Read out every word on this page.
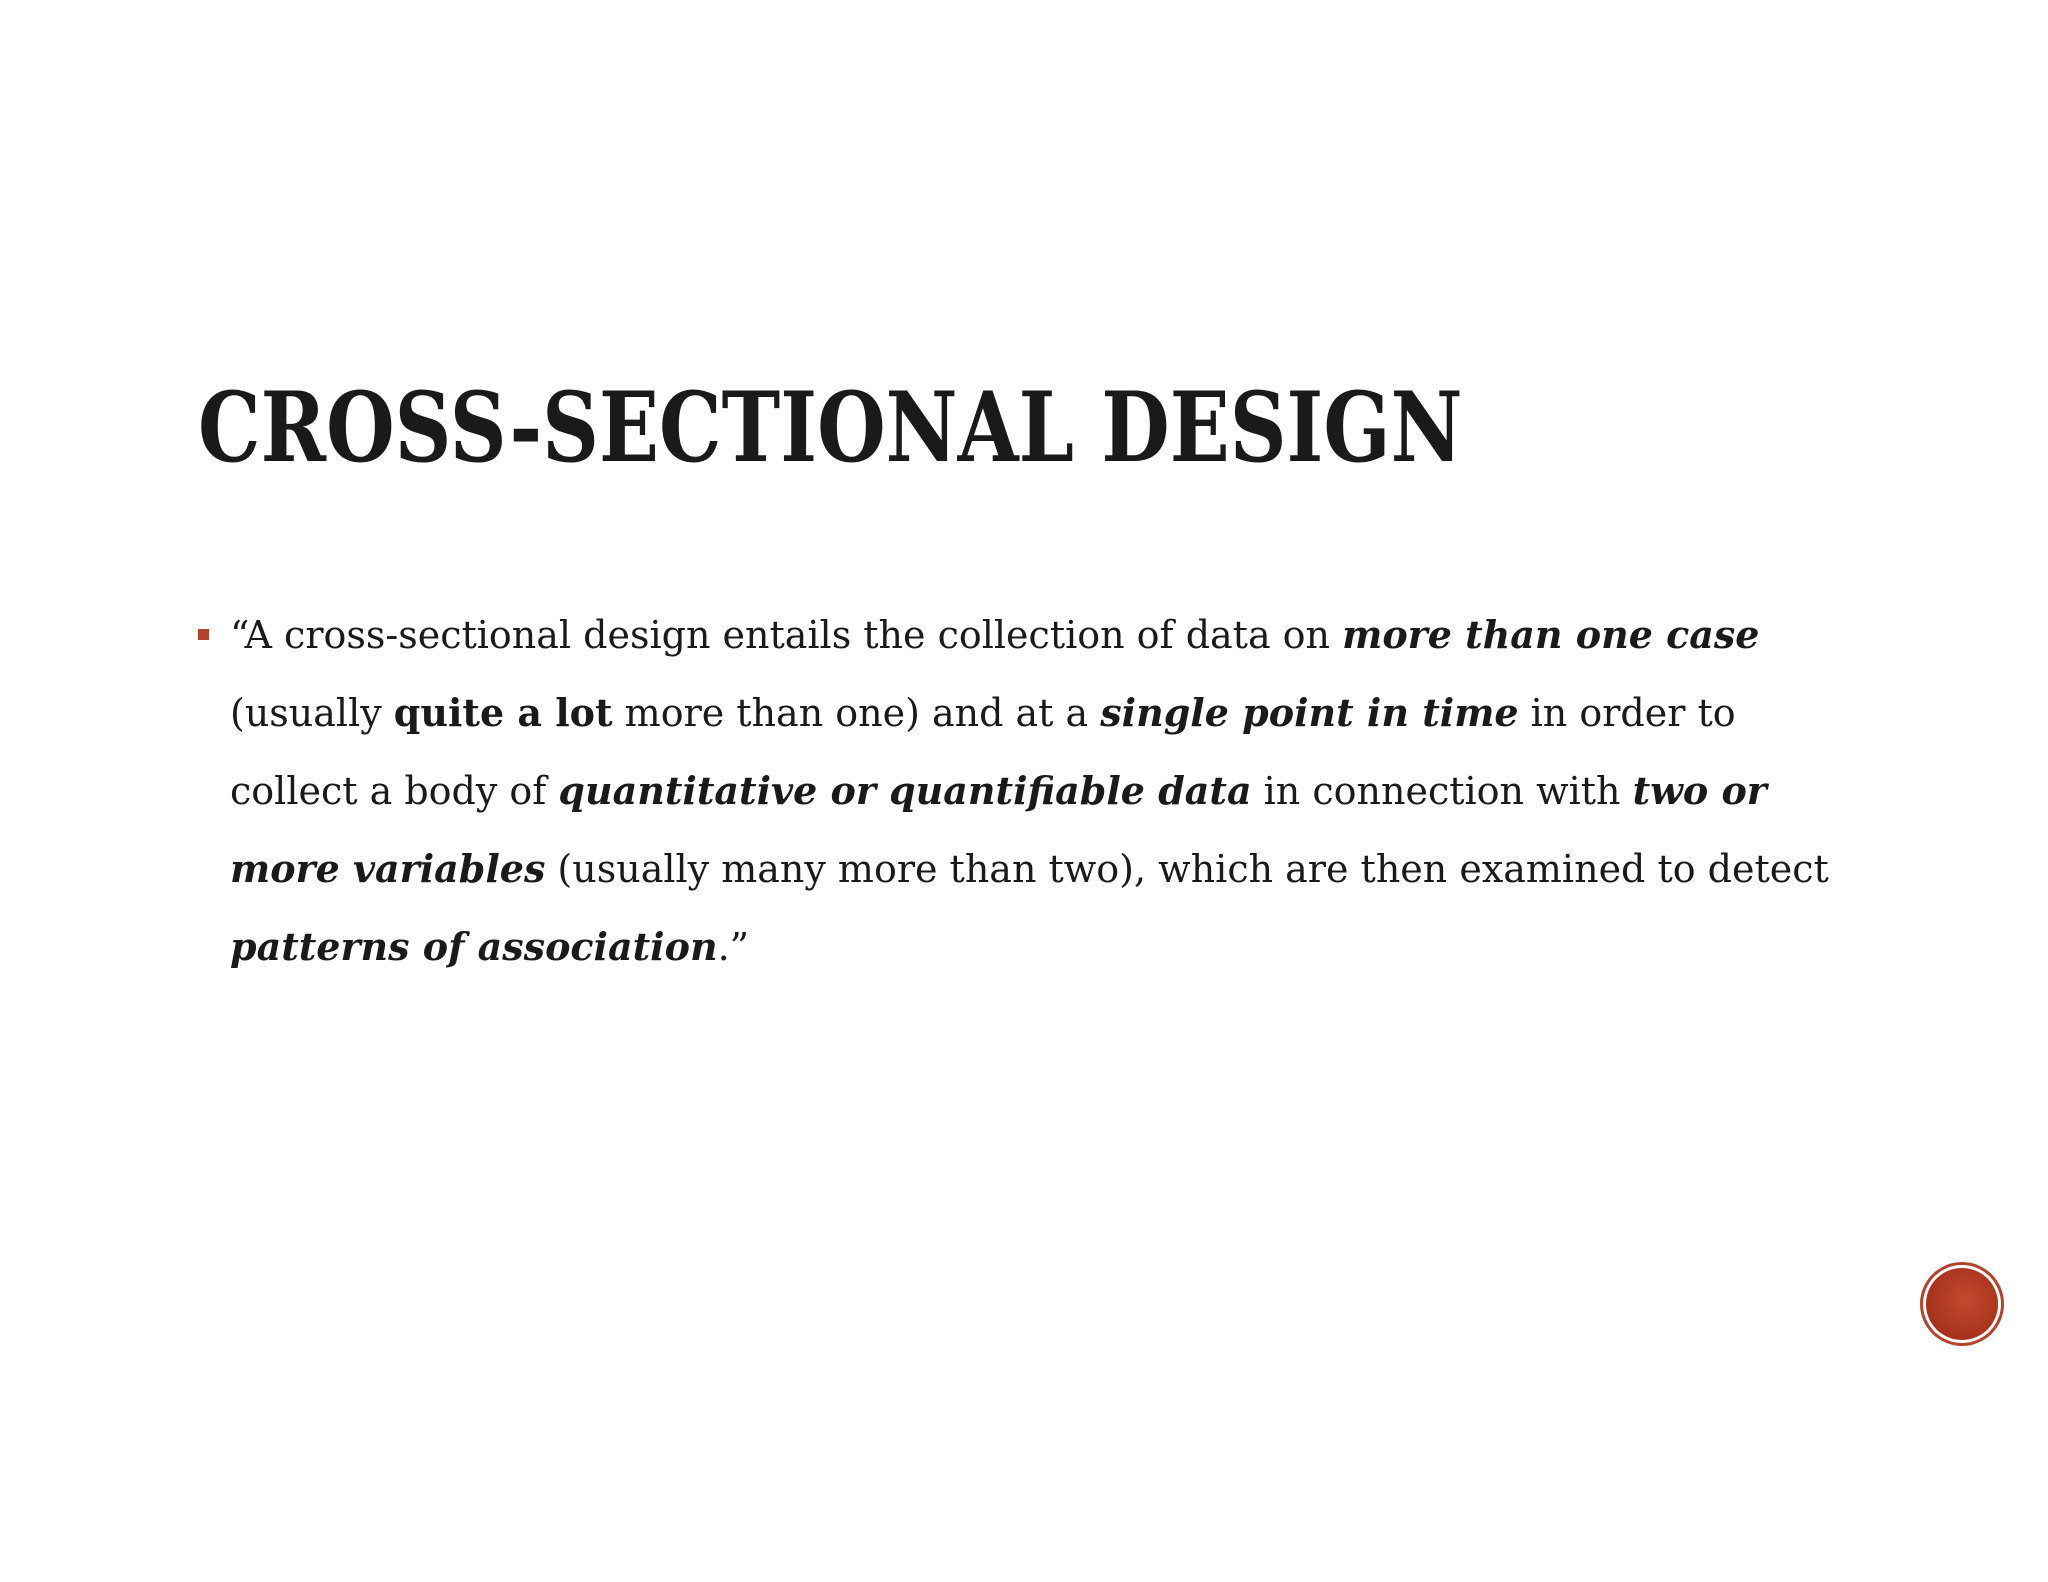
CROSS-SECTIONAL DESIGN
“A cross-sectional design entails the collection of data on more than one case (usually quite a lot more than one) and at a single point in time in order to collect a body of quantitative or quantifiable data in connection with two or more variables (usually many more than two), which are then examined to detect patterns of association.”
